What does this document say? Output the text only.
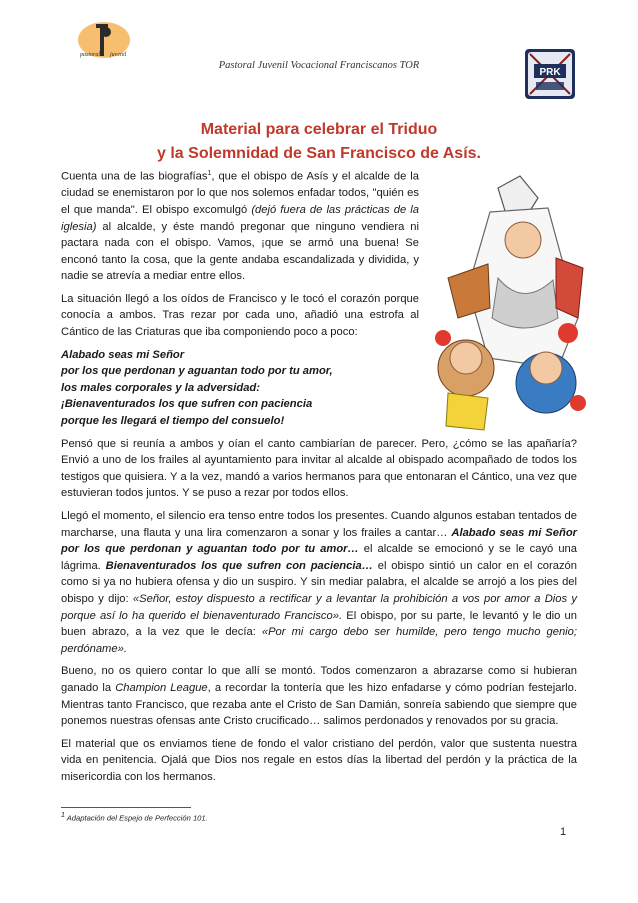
pastoral juvenil
Pastoral Juvenil Vocacional Franciscanos TOR
PRK
Material para celebrar el Triduo
y la Solemnidad de San Francisco de Asís.

Cuenta una de las biografías$^1$, que el obispo de Asís y el alcalde de la ciudad se enemistaron por lo que nos solemos enfadar todos, "quién es el que manda". El obispo excomulgó (dejó fuera de las prácticas de la iglesia) al alcalde, y éste mandó pregonar que ninguno vendiera ni pactara nada con el obispo. Vamos, ¡que se armó una buena! Se enconó tanto la cosa, que la gente andaba escandalizada y dividida, y nadie se atrevía a mediar entre ellos.

La situación llegó a los oídos de Francisco y le tocó el corazón porque conocía a ambos. Tras rezar por cada uno, añadió una estrofa al Cántico de las Criaturas que iba componiendo poco a poco:

Alabado seas mi Señor
por los que perdonan y aguantan todo por tu amor,
los males corporales y la adversidad:
¡Bienaventurados los que sufren con paciencia
porque les llegará el tiempo del consuelo!

Pensó que si reunía a ambos y oían el canto cambiarían de parecer. Pero, ¿cómo se las apañaría? Envió a uno de los frailes al ayuntamiento para invitar al alcalde al obispado acompañado de todos los testigos que quisiera. Y a la vez, mandó a varios hermanos para que entonaran el Cántico, una vez que estuvieran todos juntos. Y se puso a rezar por todos ellos.

Llegó el momento, el silencio era tenso entre todos los presentes. Cuando algunos estaban tentados de marcharse, una flauta y una lira comenzaron a sonar y los frailes a cantar… Alabado seas mi Señor por los que perdonan y aguantan todo por tu amor… el alcalde se emocionó y se le cayó una lágrima. Bienaventurados los que sufren con paciencia… el obispo sintió un calor en el corazón como si ya no hubiera ofensa y dio un suspiro. Y sin mediar palabra, el alcalde se arrojó a los pies del obispo y dijo: «Señor, estoy dispuesto a rectificar y a levantar la prohibición a vos por amor a Dios y porque así lo ha querido el bienaventurado Francisco». El obispo, por su parte, le levantó y le dio un buen abrazo, a la vez que le decía: «Por mi cargo debo ser humilde, pero tengo mucho genio; perdóname».

Bueno, no os quiero contar lo que allí se montó. Todos comenzaron a abrazarse como si hubieran ganado la Champion League, a recordar la tontería que les hizo enfadarse y cómo podrían festejarlo. Mientras tanto Francisco, que rezaba ante el Cristo de San Damián, sonreía sabiendo que siempre que ponemos nuestras ofensas ante Cristo crucificado… salimos perdonados y renovados por su gracia.

El material que os enviamos tiene de fondo el valor cristiano del perdón, valor que sustenta nuestra vida en penitencia. Ojalá que Dios nos regale en estos días la libertad del perdón y la práctica de la misericordia con los hermanos.

$^1$ Adaptación del Espejo de Perfección 101.
1
